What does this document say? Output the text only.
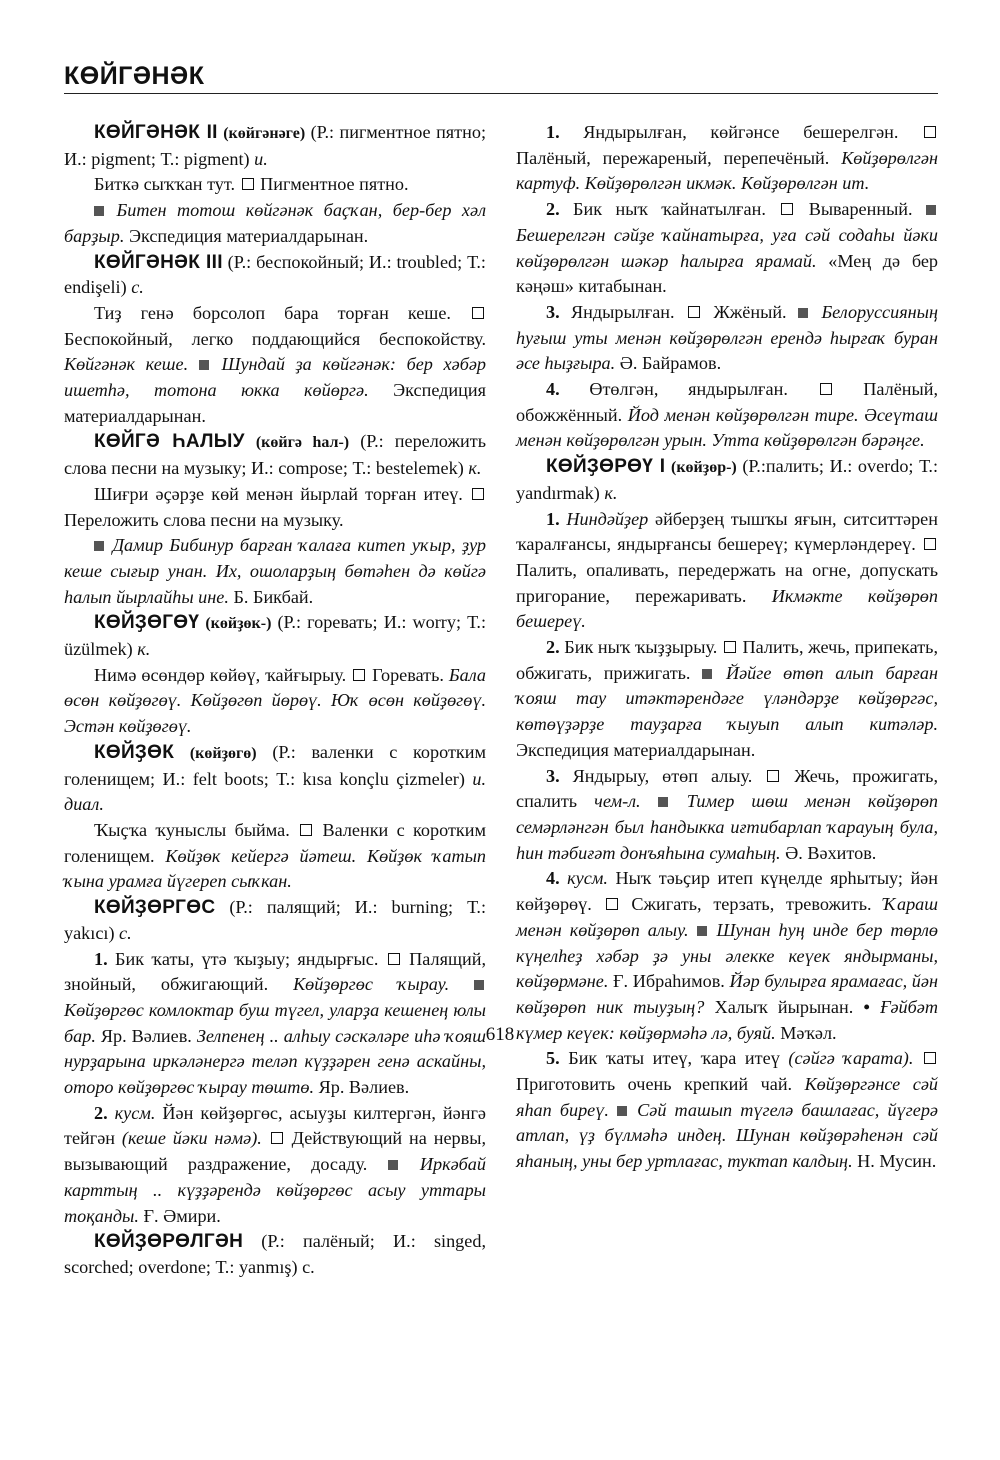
КӨЙГӘНӘК

КӨЙГӘНӘК II (көйгәнәге) (Р.: пигментное пятно; И.: pigment; Т.: pigment) и.

Биткә сыҡҡан тут.  Пигментное пятно.

Битен тотош көйгәнәк баҫҡан, бер-бер хәл барҙыр. Экспедиция материалдарынан.

КӨЙГӘНӘК III (Р.: беспокойный; И.: troubled; Т.: endişeli) с.

Тиҙ генә борсолоп бара торған кеше.  Беспокойный, легко поддающийся беспокойству. Көйгәнәк кеше.  Шундай ҙа көйгәнәк: бер хәбәр ишетһә, тотона юкка көйөргә. Экспедиция материалдарынан.

КӨЙГӘ ҺАЛЫУ (көйгә һал-) (Р.: переложить слова песни на музыку; И.: compose; Т.: bestelemek) к.

Шиғри әҫәрҙе көй менән йырлай торған итеү.  Переложить слова песни на музыку.

Дамир Бибинур барған ҡалаға китеп уҡыр, ҙур кеше сығыр унан. Их, ошоларҙың бөтәһен дә көйгә һалып йырлайһы ине. Б. Бикбай.

КӨЙҘӨГӨҮ (көйҙөк-) (Р.: горевать; И.: worry; Т.: üzülmek) к.

Нимә өсөндөр көйөү, ҡайғырыу.  Горевать. Бала өсөн көйҙөгөү. Көйҙөгөп йөрөү. Юҡ өсөн көйҙөгөү. Эстән көйҙөгөү.

КӨЙҘӨК (көйҙөгө) (Р.: валенки с коротким голенищем; И.: felt boots; Т.: kısa konçlu çizmeler) и. диал.

Ҡыҫҡа ҡуныслы быйма.  Валенки с коротким голенищем. Көйҙөк кейергә йәтеш. Көйҙөк ҡатып ҡына урамға йүгереп сыҡкан.

КӨЙҘӨРГӨС (Р.: палящий; И.: burning; Т.: yakıcı) с.

1. Бик ҡаты, үтә ҡыҙыу; яндырғыс.  Палящий, знойный, обжигающий. Көйҙөргөс ҡырау.  Көйҙөргөс комлоктар буш түгел, уларҙа кешенең юлы бар. Яр. Вәлиев. Зелпенең .. алһыу сәскәләре иһә ҡояш нурҙарына иркәләнергә теләп күҙҙәрен генә аскайны, оторо көйҙөргөс ҡырау төштө. Яр. Вәлиев.

2. кусм. Йән көйҙөргөс, асыуҙы килтергән, йәнгә тейгән (кеше йәки нәмә).  Действующий на нервы, вызывающий раздражение, досаду.  Иркәбай карттың .. күҙҙәрендә көйҙөргөс асыу уттары тоқанды. Ғ. Әмири.

КӨЙҘӨРӨЛГӘН (Р.: палёный; И.: singed, scorched; overdone; Т.: yanmış) с.

1. Яндырылған, көйгәнсе бешерелгән.  Палёный, пережареный, перепечёный. Көйҙөрөлгән картуф. Көйҙөрөлгән икмәк. Көйҙөрөлгән ит.

2. Бик ныҡ ҡайнатылған.  Вываренный.  Бешерелгән сәйҙе ҡайнатырға, уға сәй содаһы йәки көйҙөрөлгән шәкәр һалырға ярамай. «Мең дә бер кәңәш» китабынан.

3. Яндырылған.  Жжёный.  Белоруссияның һуғыш уты менән көйҙөрөлгән ерендә һырғаҡ буран әсе һыҙғыра. Ә. Байрамов.

4. Өтөлгән, яндырылған.	Палёный, обожжённый. Йод менән көйҙөрөлгән тире. Әсеүташ менән көйҙөрөлгән урын. Утта көйҙөрөлгән бәрәңге.

КӨЙҘӨРӨҮ I (көйҙөр-) (Р.:палить; И.: overdo; Т.: yandırmak) к.

1. Ниндәйҙер әйберҙең тышҡы яғын, ситситтәрен ҡаралғансы, яндырғансы бешереү; күмерләндереү.  Палить, опаливать, передержать на огне, допускать пригорание, пережаривать. Икмәкте көйҙөрөп бешереү.

2. Бик ныҡ ҡыҙҙырыу.  Палить, жечь, припекать, обжигать, прижигать.  Йәйге өтөп алып барған ҡояш тау итәктәрендәге үләндәрҙе көйҙөргәс, көтөүҙәрҙе тауҙарға ҡыуып алып китәләр. Экспедиция материалдарынан.

3. Яндырыу, өтөп алыу.  Жечь, прожигать, спалить чем-л.  Тимер шөш менән көйҙөрөп семәрләнгән был һандыкка иғтибарлап ҡарауың була, һин тәбиғәт донъяһына сумаһың. Ә. Вәхитов.

4. кусм. Ныҡ тәьҫир итеп күңелде ярһытыу; йән көйҙөрөү.  Сжигать, терзать, тревожить. Ҡараш менән көйҙөрөп алыу.  Шунан һуң инде бер төрлө күңелһеҙ хәбәр ҙә уны әлекке кеүек яндырманы, көйҙөрмәне. Ғ. Ибраһимов. Йәр булырға ярамағас, йән көйҙөрөп ник тыуҙың? Халыҡ йырынан. • Ғәйбәт күмер кеүек: көйҙөрмәһә лә, буяй. Мәҡәл.

5. Бик ҡаты итеү, ҡара итеү (сәйгә ҡарата).  Приготовить очень крепкий чай. Көйҙөргәнсе сәй яһап биреү.  Сәй ташып түгелә башлағас, йүгерә атлап, үҙ бүлмәһә индең. Шунан көйҙөрәһенән сәй яһаның, уны бер уртлағас, туктап калдың. Н. Мусин.

618
